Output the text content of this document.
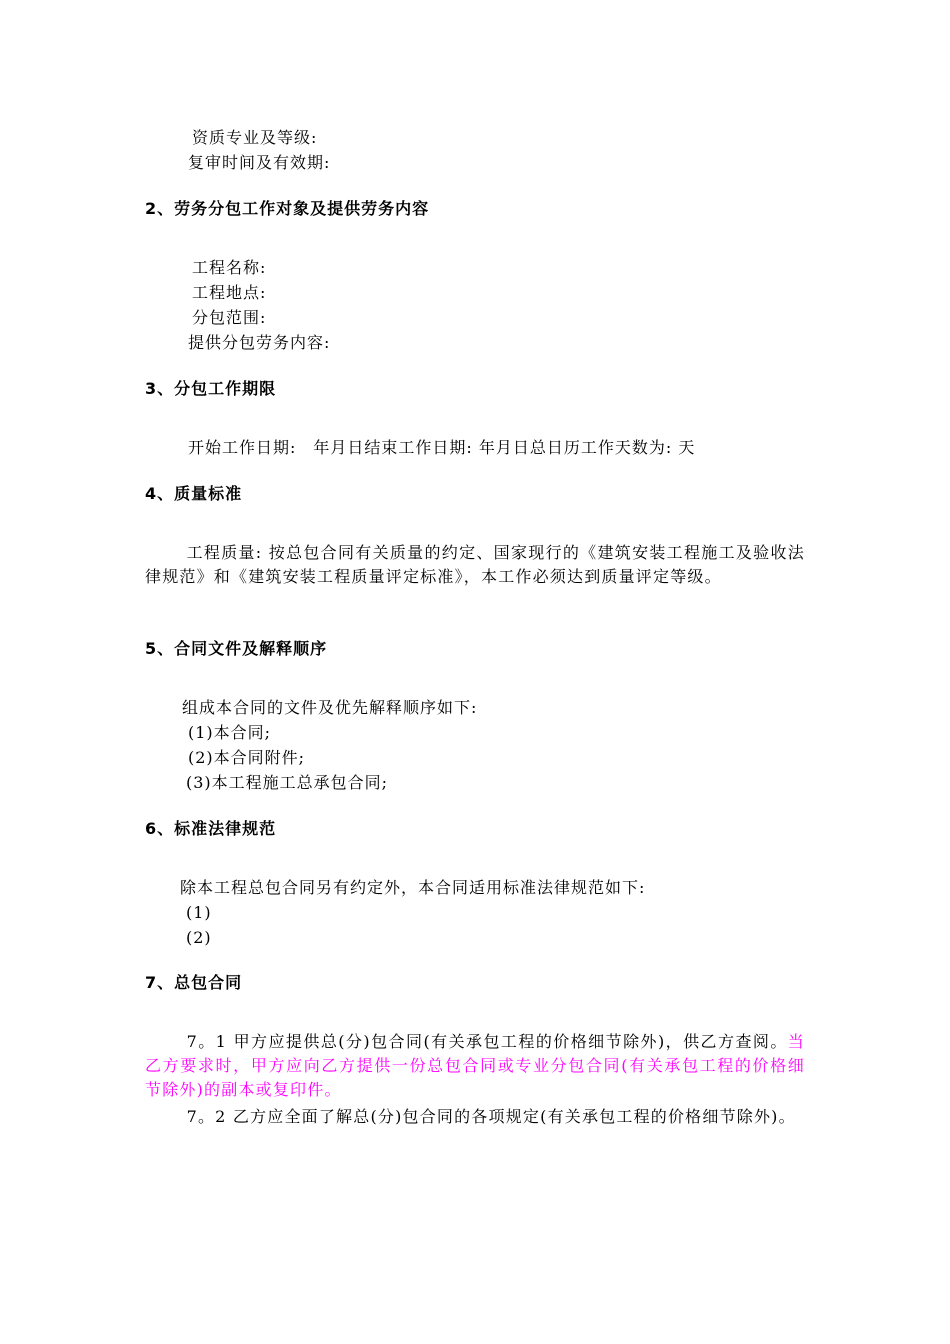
资质专业及等级:
复审时间及有效期:
2、劳务分包工作对象及提供劳务内容
工程名称:
工程地点:
分包范围:
提供分包劳务内容:
3、分包工作期限
开始工作日期:　年月日结束工作日期: 年月日总日历工作天数为: 天
4、质量标准
工程质量: 按总包合同有关质量的约定、国家现行的《建筑安装工程施工及验收法律规范》和《建筑安装工程质量评定标准》，本工作必须达到质量评定等级。
5、合同文件及解释顺序
组成本合同的文件及优先解释顺序如下:
(1)本合同;
(2)本合同附件;
(3)本工程施工总承包合同;
6、标准法律规范
除本工程总包合同另有约定外，本合同适用标准法律规范如下:
(1)
(2)
7、总包合同
7。1 甲方应提供总(分)包合同(有关承包工程的价格细节除外)，供乙方查阅。当乙方要求时，甲方应向乙方提供一份总包合同或专业分包合同(有关承包工程的价格细节除外)的副本或复印件。
7。2 乙方应全面了解总(分)包合同的各项规定(有关承包工程的价格细节除外)。
